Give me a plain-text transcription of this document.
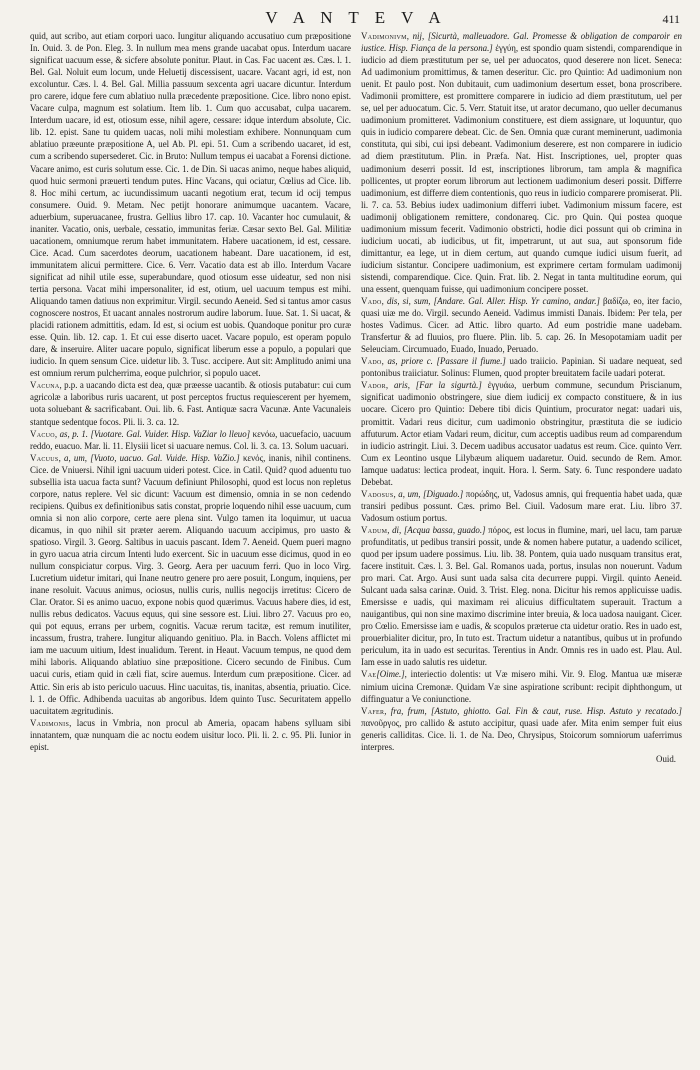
V A N T E V A	411

quid, aut scribo, aut etiam corpori uaco. Iungitur aliquando accusatiuo cum præpositione In. Ouid. 3. de Pon. Eleg. 3. In nullum mea mens grande uacabat opus. Interdum uacare significat uacuum esse, & sicfere absolute ponitur. Plaut. in Cas. Fac uacent æs. Cæs. l. 1. Bel. Gal. Noluit eum locum, unde Heluetij discessisent, uacare. Vacant agri, id est, non excoluntur. Cæs. l. 4. Bel. Gal. Millia passuum sexcenta agri uacare dicuntur. Interdum pro carere, idque fere cum ablatiuo nulla præcedente præpositione. Cice. libro nono epist. Vacare culpa, magnum est solatium. Item lib. 1. Cum quo accusabat, culpa uacarem. Interdum uacare, id est, otiosum esse, nihil agere, cessare: idque interdum absolute, Cic. lib. 12. epist. Sane tu quidem uacas, noli mihi molestiam exhibere. Nonnunquam cum ablatiuo præeunte præpositione A, uel Ab. Pl. epi. 51. Cum a scribendo uacaret, id est, cum a scribendo supersederet. Cic. in Bruto: Nullum tempus ei uacabat a Forensi dictione. Vacare animo, est curis solutum esse. Cic. 1. de Din. Si uacas animo, neque habes aliquid, quod huic sermoni præuerti tendum putes. Hinc Vacans, qui ociatur, Cœlius ad Cice. lib. 8. Hoc mihi certum, ac iucundissimum uacanti negotium erat, tecum id ocij tempus consumere. Ouid. 9. Metam. Nec petijt honorare animumque uacantem. Vacare, aduerbium, superuacanee, frustra. Gellius libro 17. cap. 10. Vacanter hoc cumulauit, & inaniter. Vacatio, onis, uerbale, cessatio, immunitas feriæ. Cæsar sexto Bel. Gal. Militiæ uacationem, omniumque rerum habet immunitatem. Habere uacationem, id est, cessare. Cice. Acad. Cum sacerdotes deorum, uacationem habeant. Dare uacationem, id est, immunitatem alicui permittere. Cice. 6. Verr. Vacatio data est ab illo. Interdum Vacare significat ad nihil utile esse, superabundare, quod otiosum esse uideatur, sed non nisi tertia persona. Vacat mihi impersonaliter, id est, otium, uel uacuum tempus est mihi. Aliquando tamen datiuus non exprimitur. Virgil. secundo Aeneid. Sed si tantus amor casus cognoscere nostros, Et uacant annales nostrorum audire laborum. Iuue. Sat. 1. Si uacat, & placidi rationem admittitis, edam. Id est, si ocium est uobis. Quandoque ponitur pro curæ esse. Quin. lib. 12. cap. 1. Et cui esse diserto uacet. Vacare populo, est operam populo dare, & inseruire. Aliter uacare populo, significat liberum esse a populo, a populari que iudicio. In quem sensum Cice. uidetur lib. 3. Tusc. accipere. Aut sit: Amplitudo animi una est omnium rerum pulcherrima, eoque pulchrior, si populo uacet.

Vacuna, p.p. a uacando dicta est dea, quæ præesse uacantib. & otiosis putabatur: cui cum agricolæ a laboribus ruris uacarent, ut post perceptos fructus requiescerent per hyemem, uota soluebant & sacrificabant. Oui. lib. 6. Fast. Antiquæ sacra Vacunæ. Ante Vacunaleis stantque sedentque focos. Pli. li. 3. ca. 12.

Vacuo, as, p. 1. [Vuotare. Gal. Vuider. Hisp. VaZiar lo lleuo] κενόω, uacuefacio, uacuum reddo, euacuo. Mar. li. 11. Elysiii licet si uacuare nemus. Col. li. 3. ca. 13. Solum uacuari.

Vacuus, a, um, [Vuoto, uacuo. Gal. Vuide. Hisp. VaZio.] κενός, inanis, nihil continens. Cice. de Vniuersi. Nihil igni uacuum uideri potest. Cice. in Catil. Quid? quod aduentu tuo subsellia ista uacua facta sunt? Vacuum definiunt Philosophi, quod est locus non repletus corpore, natus replere. Vel sic dicunt: Vacuum est dimensio, omnia in se non cedendo recipiens. Quibus ex definitionibus satis constat, proprie loquendo nihil esse uacuum, cum omnia si non alio corpore, certe aere plena sint. Vulgo tamen ita loquimur, ut uacua dicamus, in quo nihil sit præter aerem. Aliquando uacuum accipimus, pro uasto & spatioso. Virgil. 3. Georg. Saltibus in uacuis pascant. Idem 7. Aeneid. Quem pueri magno in gyro uacua atria circum Intenti ludo exercent. Sic in uacuum esse dicimus, quod in eo nullum conspiciatur corpus. Virg. 3. Georg. Aera per uacuum ferri. Quo in loco Virg. Lucretium uidetur imitari, qui Inane neutro genere pro aere posuit, Longum, inquiens, per inane resoluit. Vacuus animus, ociosus, nullis curis, nullis negocijs irretitus: Cicero de Clar. Orator. Si es animo uacuo, expone nobis quod quærimus. Vacuus habere dies, id est, nullis rebus dedicatos. Vacuus equus, qui sine sessore est. Liui. libro 27. Vacuus pro eo, qui pot equus, errans per urbem, cognitis. Vacuæ rerum tacitæ, est remum inutiliter, incassum, frustra, trahere. Iungitur aliquando genitiuo. Pla. in Bacch. Volens afflictet mi iam me uacuum uitium, Idest inualidum. Terent. in Heaut. Vacuum tempus, ne quod dem mihi laboris. Aliquando ablatiuo sine præpositione. Cicero secundo de Finibus. Cum uacui curis, etiam quid in cæli fiat, scire auemus. Interdum cum præpositione. Cicer. ad Attic. Sin eris ab isto periculo uacuus. Hinc uacuitas, tis, inanitas, absentia, priuatio. Cice. l. 1. de Offic. Adhibenda uacuitas ab angoribus. Idem quinto Tusc. Securitatem appello uacuitatem ægritudinis.

Vadimonis, lacus in Vmbria, non procul ab Ameria, opacam habens sylluam sibi innatantem, quæ nunquam die ac noctu eodem uisitur loco. Pli. li. 2. c. 95. Pli. Iunior in epist.

Vadimonivm, nij, [Sicurtà, malleuadore. Gal. Promesse & obligation de comparoir en iustice. Hisp. Fiança de la persona.] ἐγγύη, est spondio quam sistendi, comparendique in iudicio ad diem præstitutum per se, uel per aduocatos, quod deserere non licet. Seneca: Ad uadimonium promittimus, & tamen deseritur. Cic. pro Quintio: Ad uadimonium non uenit. Et paulo post. Non dubitauit, cum uadimonium desertum esset, bona proscribere. Vadimonii promittere, est promittere comparere in iudicio ad diem præstitutum, uel per se, uel per aduocatum. Cic. 5. Verr. Statuit itse, ut arator decumano, quo ueller decumanus uadimonium promitteret. Vadimonium constituere, est diem assignare, ut loquuntur, quo quis in iudicio comparere debeat. Cic. de Sen. Omnia quæ curant meminerunt, uadimonia constituta, qui sibi, cui ipsi debeant. Vadimonium deserere, est non comparere in iudicio ad diem præstitutum. Plin. in Præfa. Nat. Hist. Inscriptiones, uel, propter quas uadimonium deserri possit. Id est, inscriptiones librorum, tam ampla & magnifica pollicentes, ut propter eorum librorum aut lectionem uadimonium deseri possit. Differre uadimonium, est differre diem contentionis, quo reus in iudicio comparere promiserat. Pli. li. 7. ca. 53. Bebius iudex uadimonium differri iubet. Vadimonium missum facere, est uadimonij obligationem remittere, condonareq. Cic. pro Quin. Qui postea quoque uadimonium missum fecerit. Vadimonio obstricti, hodie dici possunt qui ob crimina in iudicium uocati, ab iudicibus, ut fit, impetrarunt, ut aut sua, aut sponsorum fide dimittantur, ea lege, ut in diem certum, aut quando cumque iudici uisum fuerit, ad iudicium sistantur. Concipere uadimonium, est exprimere certam formulam uadimonij sistendi, comparendique. Cice. Quin. Frat. lib. 2. Negat in tanta multitudine eorum, qui una essent, quenquam fuisse, qui uadimonium concipere posset.

Vado, dis, si, sum, [Andare. Gal. Aller. Hisp. Yr camino, andar.] βαδίζω, eo, iter facio, quasi uiæ me do. Virgil. secundo Aeneid. Vadimus immisti Danais. Ibidem: Per tela, per hostes Vadimus. Cicer. ad Attic. libro quarto. Ad eum postridie mane uadebam. Transfertur & ad fluuios, pro fluere. Plin. lib. 5. cap. 26. In Mesopotamiam uadit per Seleuciam. Circumuado, Euado, Inuado, Peruado.

Vado, as, priore c. [Passare il fiume.] uado traiicio. Papinian. Si uadare nequeat, sed pontonibus traiiciatur. Solinus: Flumen, quod propter breuitatem facile uadari poterat.

Vador, aris, [Far la sigurtà.] ἐγγυάω, uerbum commune, secundum Priscianum, significat uadimonio obstringere, siue diem iudicij ex compacto constituere, & in ius uocare. Cicero pro Quintio: Debere tibi dicis Quintium, procurator negat: uadari uis, promittit. Vadari reus dicitur, cum uadimonio obstringitur, præstituta die se iudicio affuturum. Actor etiam Vadari reum, dicitur, cum acceptis uadibus reum ad comparendum in iudicio astringit. Liui. 3. Decem uadibus accusator uadatus est reum. Cice. quinto Verr. Cum ex Leontino usque Lilybæum aliquem uadaretur. Ouid. secundo de Rem. Amor. Iamque uadatus: lectica prodeat, inquit. Hora. l. Serm. Saty. 6. Tunc respondere uadato Debebat.

Vadosus, a, um, [Diguado.] πορώδης, ut, Vadosus amnis, qui frequentia habet uada, quæ transiri pedibus possunt. Cæs. primo Bel. Ciuil. Vadosum mare erat. Liu. libro 37. Vadosum ostium portus.

Vadum, di, [Acqua bassa, guado.] πόρος, est locus in flumine, mari, uel lacu, tam paruæ profunditatis, ut pedibus transiri possit, unde & nomen habere putatur, a uadendo scilicet, quod per ipsum uadere possimus. Liu. lib. 38. Pontem, quia uado nusquam transitus erat, facere instituit. Cæs. l. 3. Bel. Gal. Romanos uada, portus, insulas non nouerunt. Vadum pro mari. Cat. Argo. Ausi sunt uada salsa cita decurrere puppi. Virgil. quinto Aeneid. Sulcant uada salsa carinæ. Ouid. 3. Trist. Eleg. nona. Dicitur his remos applicuisse uadis. Emersisse e uadis, qui maximam rei alicuius difficultatem superauit. Tractum a nauigantibus, qui non sine maximo discrimine inter breuia, & loca uadosa nauigant. Cicer. pro Cœlio. Emersisse iam e uadis, & scopulos præterue cta uidetur oratio. Res in uado est, prouerbialiter dicitur, pro, In tuto est. Tractum uidetur a natantibus, quibus ut in profundo periculum, ita in uado est securitas. Terentius in Andr. Omnis res in uado est. Plau. Aul. Iam esse in uado salutis res uidetur.

Vae[Oime.], interiectio dolentis: ut Væ misero mihi. Vir. 9. Elog. Mantua uæ miseræ nimium uicina Cremonæ. Quidam Væ sine aspiratione scribunt: recipit diphthongum, ut diffinguatur a Ve coniunctione.

Vafer, fra, frum, [Astuto, ghiotto. Gal. Fin & caut, ruse. Hisp. Astuto y recatado.] πανοῦργος, pro callido & astuto accipitur, quasi uade afer. Mita enim semper fuit eius generis calliditas. Cice. li. 1. de Na. Deo, Chrysipus, Stoicorum somniorum uaferrimus interpres.

Ouid.
